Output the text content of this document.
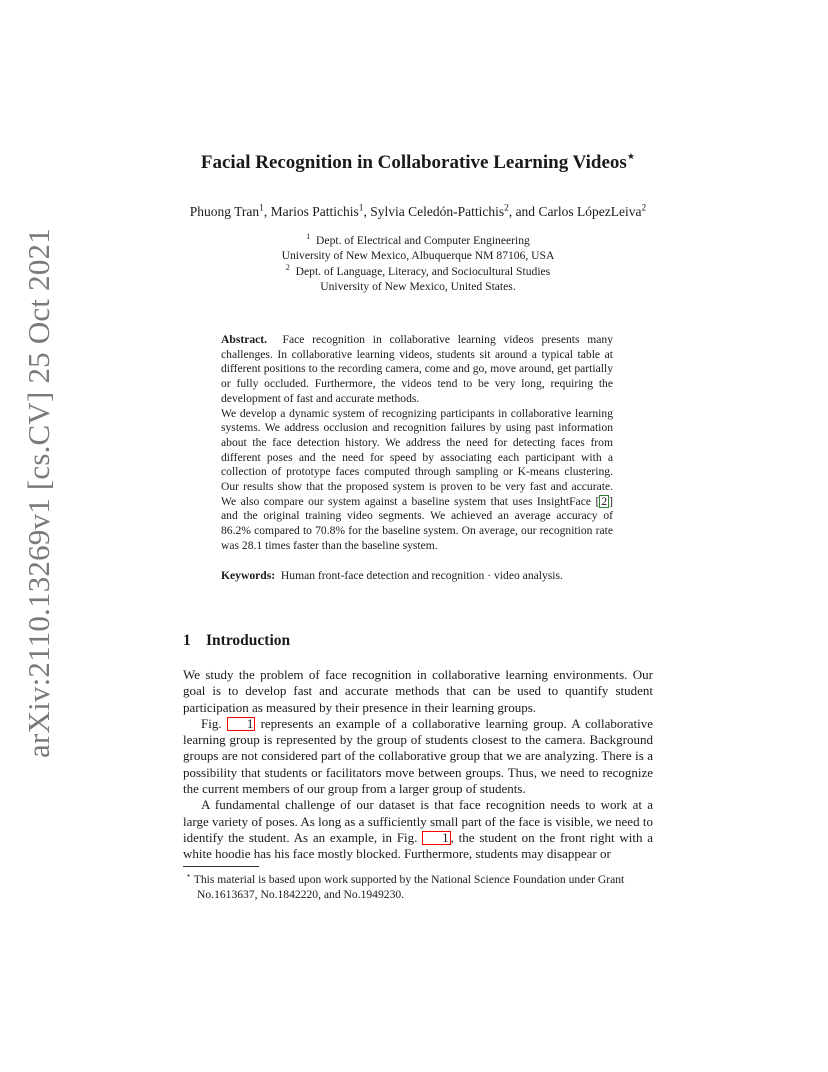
arXiv:2110.13269v1 [cs.CV] 25 Oct 2021
Facial Recognition in Collaborative Learning Videos⋆
Phuong Tran$^1$, Marios Pattichis$^1$, Sylvia Celedón-Pattichis$^2$, and Carlos LópezLeiva$^2$
$^1$ Dept. of Electrical and Computer Engineering
University of New Mexico, Albuquerque NM 87106, USA
$^2$ Dept. of Language, Literacy, and Sociocultural Studies
University of New Mexico, United States.

Abstract. Face recognition in collaborative learning videos presents many challenges. In collaborative learning videos, students sit around a typical table at different positions to the recording camera, come and go, move around, get partially or fully occluded. Furthermore, the videos tend to be very long, requiring the development of fast and accurate methods.

We develop a dynamic system of recognizing participants in collaborative learning systems. We address occlusion and recognition failures by using past information about the face detection history. We address the need for detecting faces from different poses and the need for speed by associating each participant with a collection of prototype faces computed through sampling or K-means clustering. Our results show that the proposed system is proven to be very fast and accurate. We also compare our system against a baseline system that uses InsightFace [ 2 ] and the original training video segments. We achieved an average accuracy of 86.2% compared to 70.8% for the baseline system. On average, our recognition rate was 28.1 times faster than the baseline system.

Keywords: Human front-face detection and recognition · video analysis.
1 Introduction

We study the problem of face recognition in collaborative learning environments. Our goal is to develop fast and accurate methods that can be used to quantify student participation as measured by their presence in their learning groups.

Fig. 1 represents an example of a collaborative learning group. A collaborative learning group is represented by the group of students closest to the camera. Background groups are not considered part of the collaborative group that we are analyzing. There is a possibility that students or facilitators move between groups. Thus, we need to recognize the current members of our group from a larger group of students.

A fundamental challenge of our dataset is that face recognition needs to work at a large variety of poses. As long as a sufficiently small part of the face is visible, we need to identify the student. As an example, in Fig. 1 , the student on the front right with a white hoodie has his face mostly blocked. Furthermore, students may disappear or

⋆ This material is based upon work supported by the National Science Foundation under Grant No.1613637, No.1842220, and No.1949230.
